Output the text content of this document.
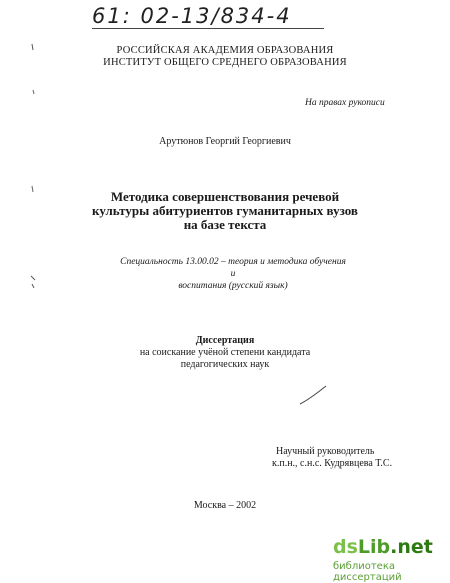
61: 02-13/834-4
РОССИЙСКАЯ АКАДЕМИЯ ОБРАЗОВАНИЯ
ИНСТИТУТ ОБЩЕГО СРЕДНЕГО ОБРАЗОВАНИЯ
На правах рукописи
Арутюнов Георгий Георгиевич
Методика совершенствования речевой
культуры абитуриентов гуманитарных вузов
на базе текста
Специальность 13.00.02 – теория и методика обучения и
воспитания (русский язык)
Диссертация
на соискание учёной степени кандидата
педагогических наук
Научный руководитель
к.п.н., с.н.с. Кудрявцева Т.С.
Москва – 2002
dsLib.net
библиотека диссертаций
